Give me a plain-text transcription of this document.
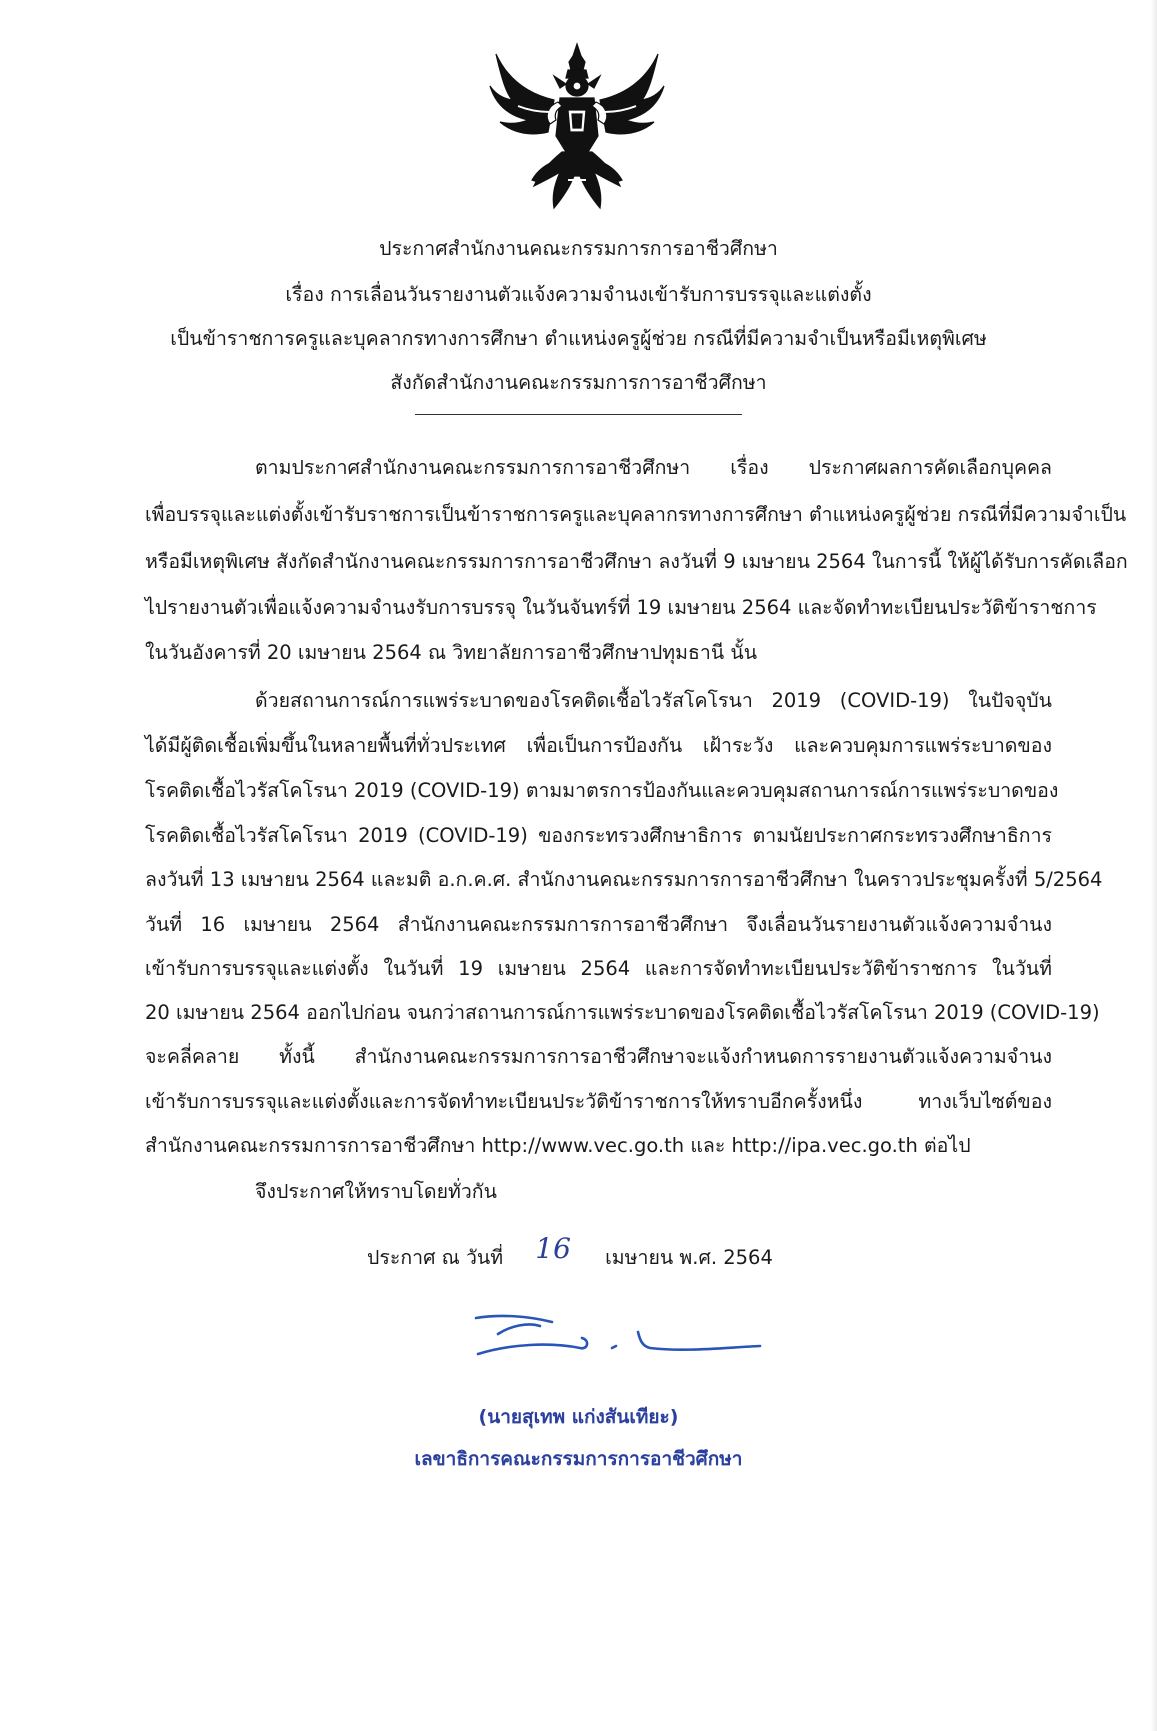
ประกาศสำนักงานคณะกรรมการการอาชีวศึกษา
เรื่อง การเลื่อนวันรายงานตัวแจ้งความจำนงเข้ารับการบรรจุและแต่งตั้ง
เป็นข้าราชการครูและบุคลากรทางการศึกษา ตำแหน่งครูผู้ช่วย กรณีที่มีความจำเป็นหรือมีเหตุพิเศษ
สังกัดสำนักงานคณะกรรมการการอาชีวศึกษา
ตามประกาศสำนักงานคณะกรรมการการอาชีวศึกษา เรื่อง ประกาศผลการคัดเลือกบุคคล
เพื่อบรรจุและแต่งตั้งเข้ารับราชการเป็นข้าราชการครูและบุคลากรทางการศึกษา ตำแหน่งครูผู้ช่วย กรณีที่มีความจำเป็น
หรือมีเหตุพิเศษ สังกัดสำนักงานคณะกรรมการการอาชีวศึกษา ลงวันที่ 9 เมษายน 2564 ในการนี้ ให้ผู้ได้รับการคัดเลือก
ไปรายงานตัวเพื่อแจ้งความจำนงรับการบรรจุ ในวันจันทร์ที่ 19 เมษายน 2564 และจัดทำทะเบียนประวัติข้าราชการ
ในวันอังคารที่ 20 เมษายน 2564 ณ วิทยาลัยการอาชีวศึกษาปทุมธานี นั้น
ด้วยสถานการณ์การแพร่ระบาดของโรคติดเชื้อไวรัสโคโรนา 2019 (COVID-19) ในปัจจุบัน
ได้มีผู้ติดเชื้อเพิ่มขึ้นในหลายพื้นที่ทั่วประเทศ เพื่อเป็นการป้องกัน เฝ้าระวัง และควบคุมการแพร่ระบาดของ
โรคติดเชื้อไวรัสโคโรนา 2019 (COVID-19) ตามมาตรการป้องกันและควบคุมสถานการณ์การแพร่ระบาดของ
โรคติดเชื้อไวรัสโคโรนา 2019 (COVID-19) ของกระทรวงศึกษาธิการ ตามนัยประกาศกระทรวงศึกษาธิการ
ลงวันที่ 13 เมษายน 2564 และมติ อ.ก.ค.ศ. สำนักงานคณะกรรมการการอาชีวศึกษา ในคราวประชุมครั้งที่ 5/2564
วันที่ 16 เมษายน 2564 สำนักงานคณะกรรมการการอาชีวศึกษา จึงเลื่อนวันรายงานตัวแจ้งความจำนง
เข้ารับการบรรจุและแต่งตั้ง ในวันที่ 19 เมษายน 2564 และการจัดทำทะเบียนประวัติข้าราชการ ในวันที่
20 เมษายน 2564 ออกไปก่อน จนกว่าสถานการณ์การแพร่ระบาดของโรคติดเชื้อไวรัสโคโรนา 2019 (COVID-19)
จะคลี่คลาย ทั้งนี้ สำนักงานคณะกรรมการการอาชีวศึกษาจะแจ้งกำหนดการรายงานตัวแจ้งความจำนง
เข้ารับการบรรจุและแต่งตั้งและการจัดทำทะเบียนประวัติข้าราชการให้ทราบอีกครั้งหนึ่ง ทางเว็บไซต์ของ
สำนักงานคณะกรรมการการอาชีวศึกษา http://www.vec.go.th และ http://ipa.vec.go.th ต่อไป
จึงประกาศให้ทราบโดยทั่วกัน
ประกาศ ณ วันที่ 16 เมษายน พ.ศ. 2564
(นายสุเทพ แก่งสันเทียะ)
เลขาธิการคณะกรรมการการอาชีวศึกษา
